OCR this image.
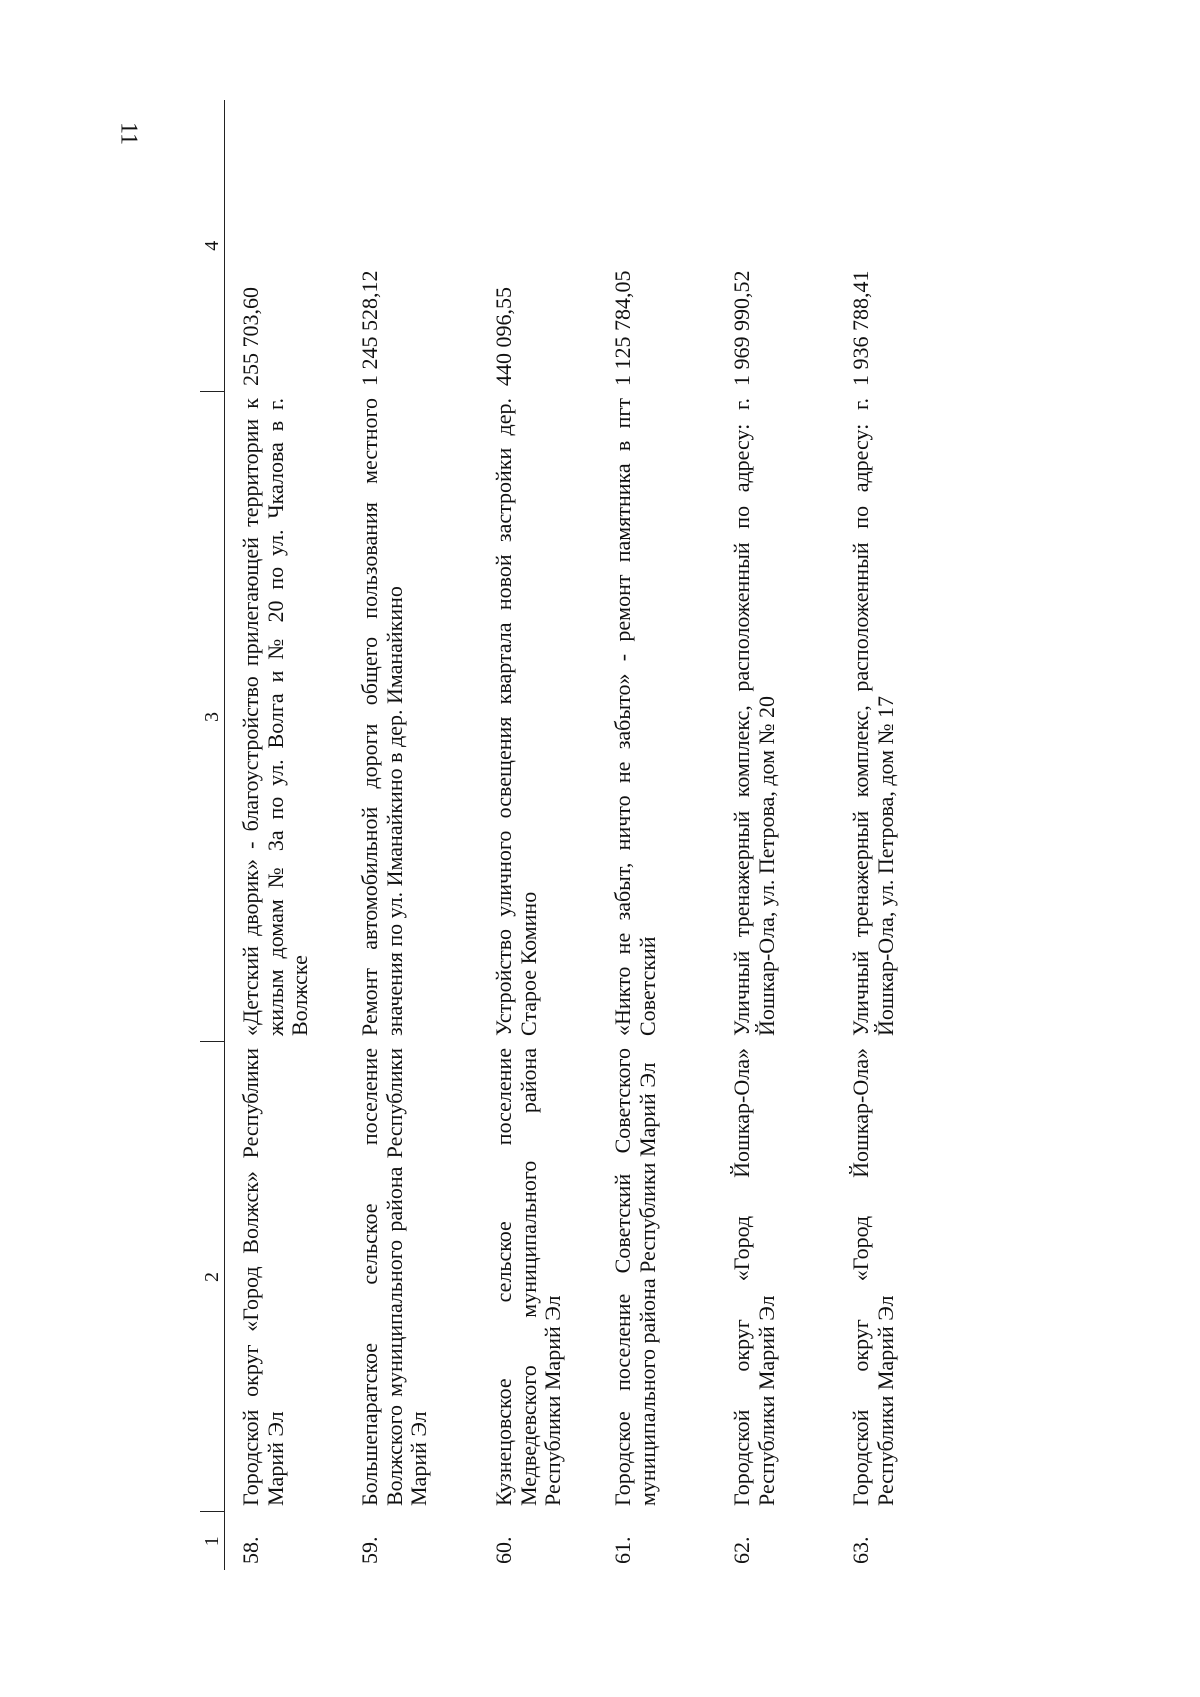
11
1	2	3	4
58.	Городской округ «Город Волжск» Республики Марий Эл	«Детский дворик» - благоустройство прилегающей территории к жилым домам № 3а по ул. Волга и № 20 по ул. Чкалова в г. Волжске	255 703,60
59.	Большепаратское сельское поселение Волжского муниципального района Республики Марий Эл	Ремонт автомобильной дороги общего пользования местного значения по ул. Иманайкино в дер. Иманайкино	1 245 528,12
60.	Кузнецовское сельское поселение Медведевского муниципального района Республики Марий Эл	Устройство уличного освещения квартала новой застройки дер. Старое Комино	440 096,55
61.	Городское поселение Советский Советского муниципального района Республики Марий Эл	«Никто не забыт, ничто не забыто» - ремонт памятника в пгт Советский	1 125 784,05
62.	Городской округ «Город Йошкар-Ола» Республики Марий Эл	Уличный тренажерный комплекс, расположенный по адресу: г. Йошкар-Ола, ул. Петрова, дом № 20	1 969 990,52
63.	Городской округ «Город Йошкар-Ола» Республики Марий Эл	Уличный тренажерный комплекс, расположенный по адресу: г. Йошкар-Ола, ул. Петрова, дом № 17	1 936 788,41
